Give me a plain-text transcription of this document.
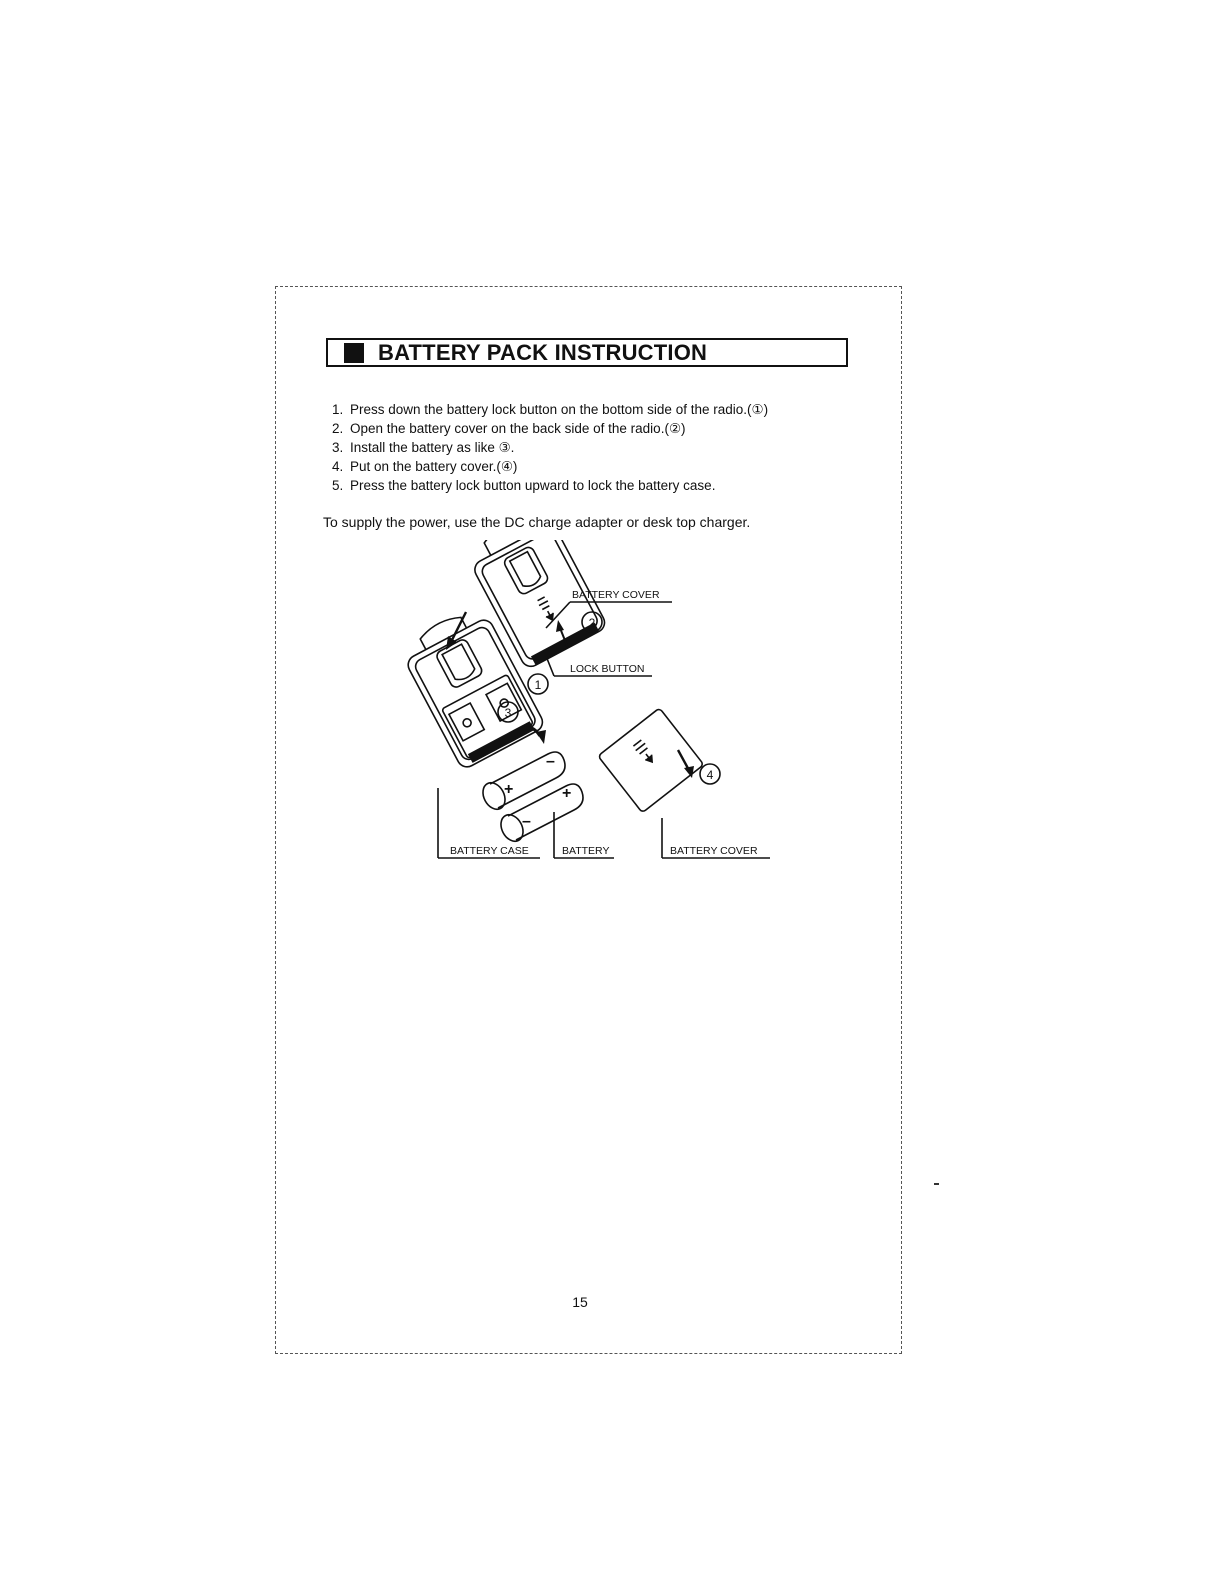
BATTERY PACK INSTRUCTION
1. Press down the battery lock button on the bottom side of the radio.(①)
2. Open the battery cover on the back side of the radio.(②)
3. Install the battery as like ③.
4. Put on the battery cover.(④)
5. Press the battery lock button upward to lock the battery case.
To supply the power, use the DC charge adapter or desk top charger.
+
–
–
+
2
1
3
4
BATTERY COVER
LOCK BUTTON
BATTERY CASE	BATTERY	BATTERY COVER
15
